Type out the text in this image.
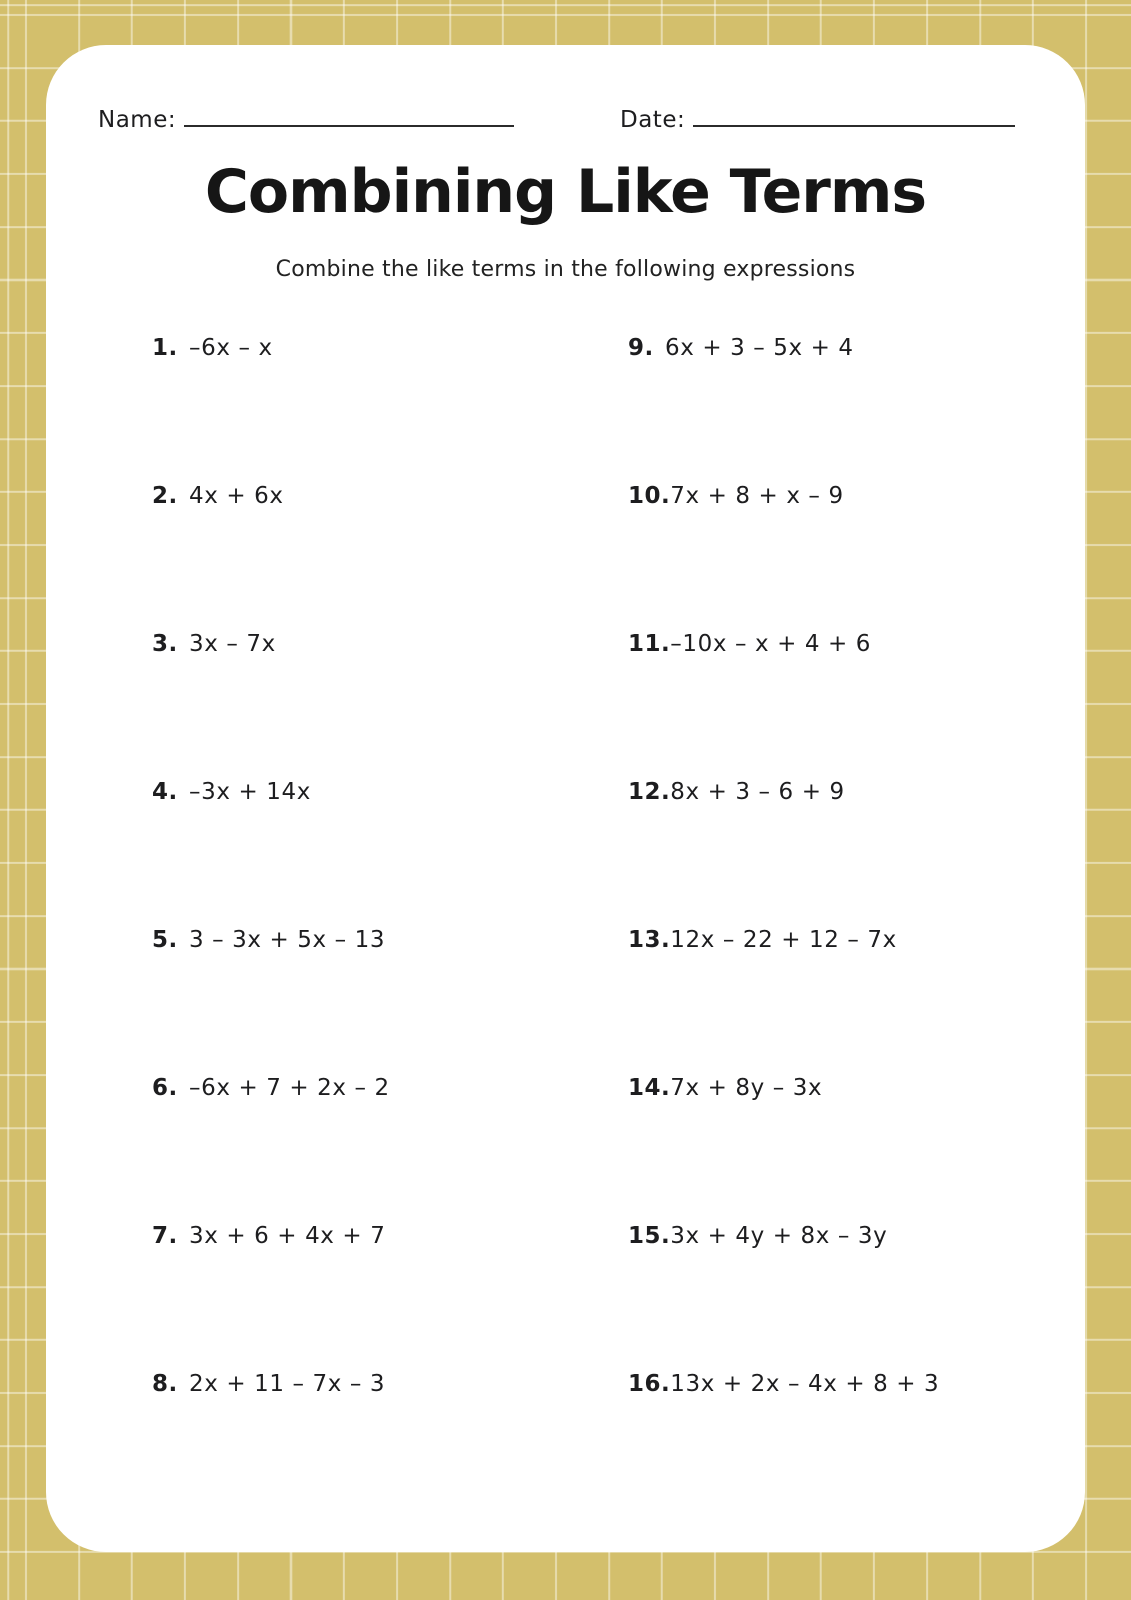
Name:	Date:
Combining Like Terms
Combine the like terms in the following expressions
1. –6x – x
2. 4x + 6x
3. 3x – 7x
4. –3x + 14x
5. 3 – 3x + 5x – 13
6. –6x + 7 + 2x – 2
7. 3x + 6 + 4x + 7
8. 2x + 11 – 7x – 3
9. 6x + 3 – 5x + 4
10. 7x + 8 + x – 9
11. –10x – x + 4 + 6
12. 8x + 3 – 6 + 9
13. 12x – 22 + 12 – 7x
14. 7x + 8y – 3x
15. 3x + 4y + 8x – 3y
16. 13x + 2x – 4x + 8 + 3
